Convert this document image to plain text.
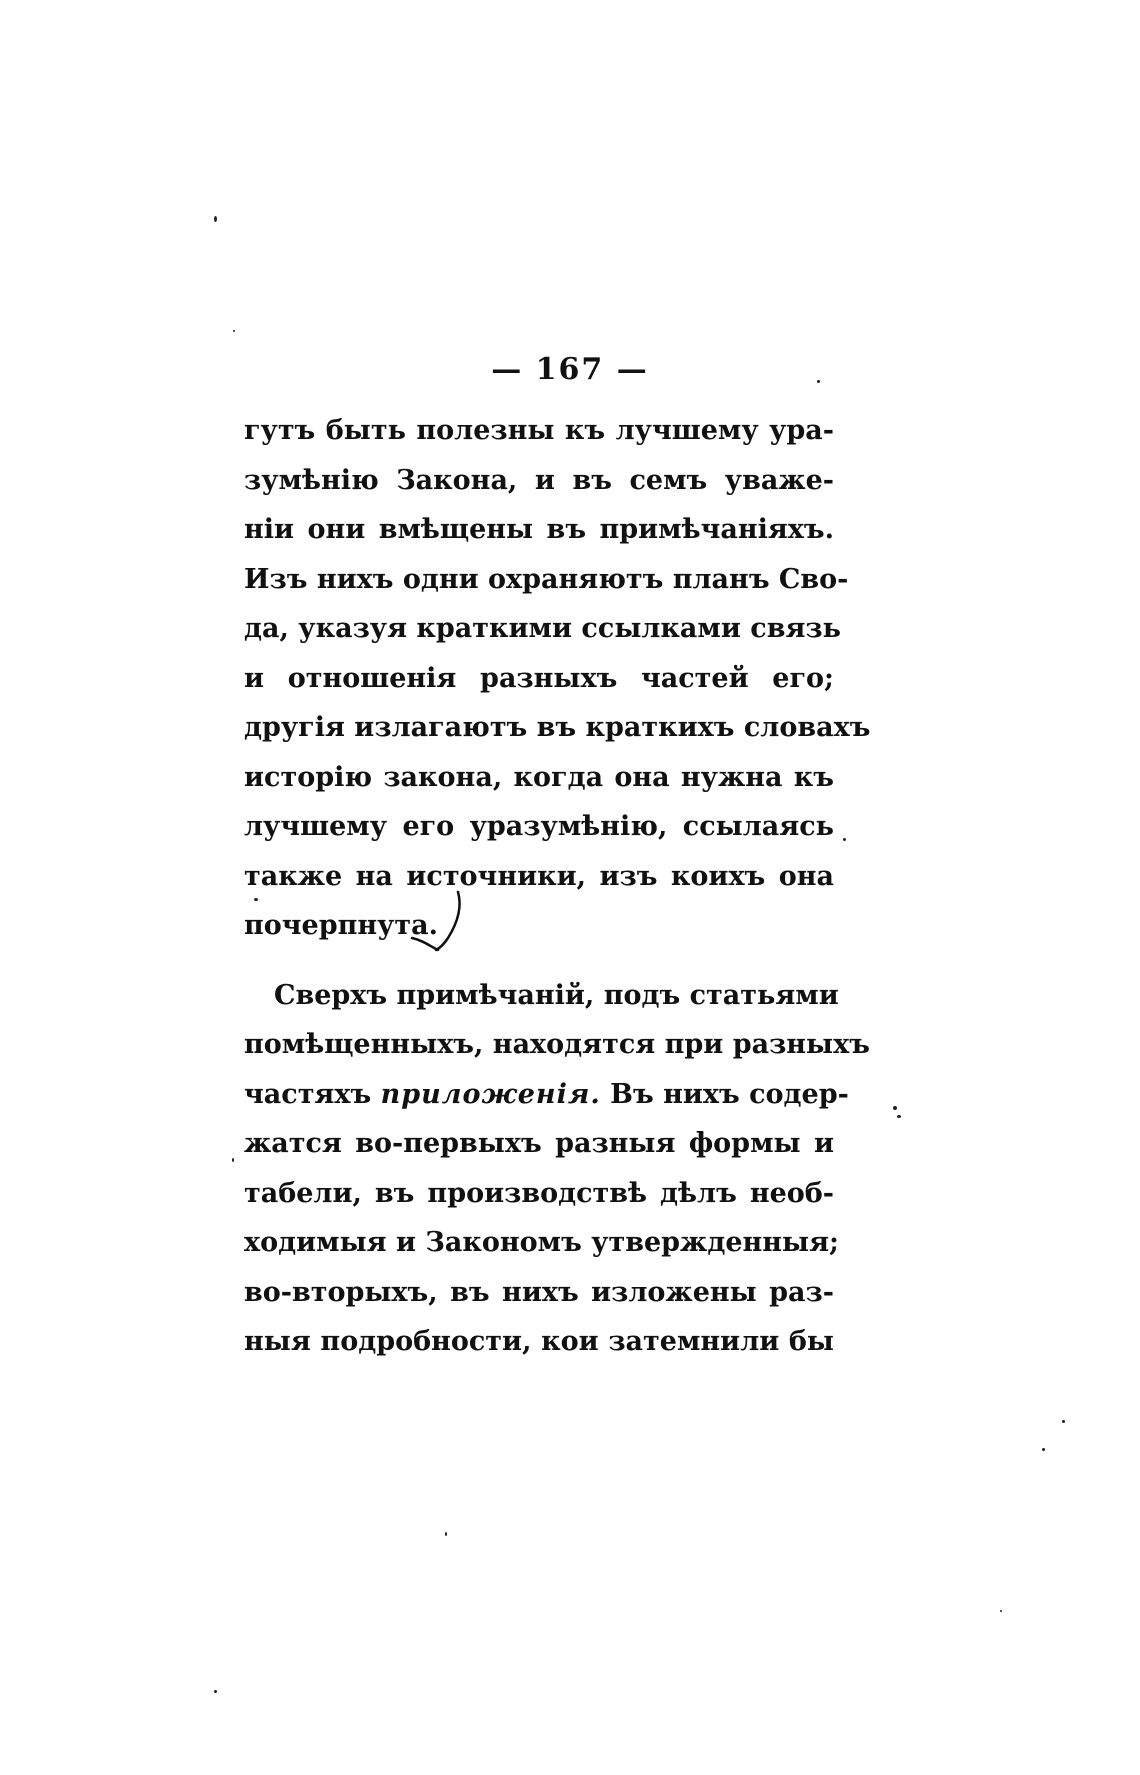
— 167 —
гутъ быть полезны къ лучшему ура-
зумѣнію Закона, и въ семъ уваже-
ніи они вмѣщены въ примѣчаніяхъ.
Изъ нихъ одни охраняютъ планъ Сво-
да, указуя краткими ссылками связь
и отношенія разныхъ частей его;
другія излагаютъ въ краткихъ словахъ
исторію закона, когда она нужна къ
лучшему его уразумѣнію, ссылаясь
также на источники, изъ коихъ она
почерпнута.
Сверхъ примѣчаній, подъ статьями
помѣщенныхъ, находятся при разныхъ
частяхъ приложенія. Въ нихъ содер-
жатся во-первыхъ разныя формы и
табели, въ производствѣ дѣлъ необ-
ходимыя и Закономъ утвержденныя;
во-вторыхъ, въ нихъ изложены раз-
ныя подробности, кои затемнили бы
